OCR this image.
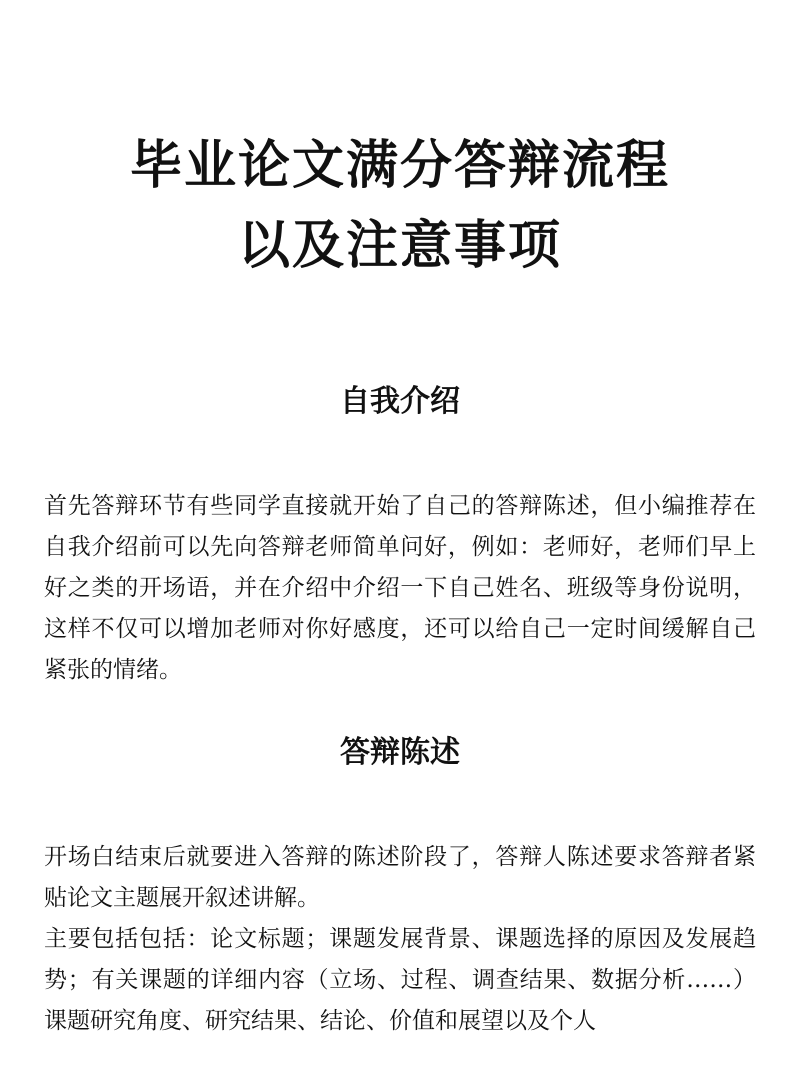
毕业论文满分答辩流程
以及注意事项
自我介绍

首先答辩环节有些同学直接就开始了自己的答辩陈述，但小编推荐在自我介绍前可以先向答辩老师简单问好，例如：老师好，老师们早上好之类的开场语，并在介绍中介绍一下自己姓名、班级等身份说明，这样不仅可以增加老师对你好感度，还可以给自己一定时间缓解自己紧张的情绪。

答辩陈述

开场白结束后就要进入答辩的陈述阶段了，答辩人陈述要求答辩者紧贴论文主题展开叙述讲解。

主要包括包括：论文标题；课题发展背景、课题选择的原因及发展趋势；有关课题的详细内容（立场、过程、调查结果、数据分析……）课题研究角度、研究结果、结论、价值和展望以及个人
